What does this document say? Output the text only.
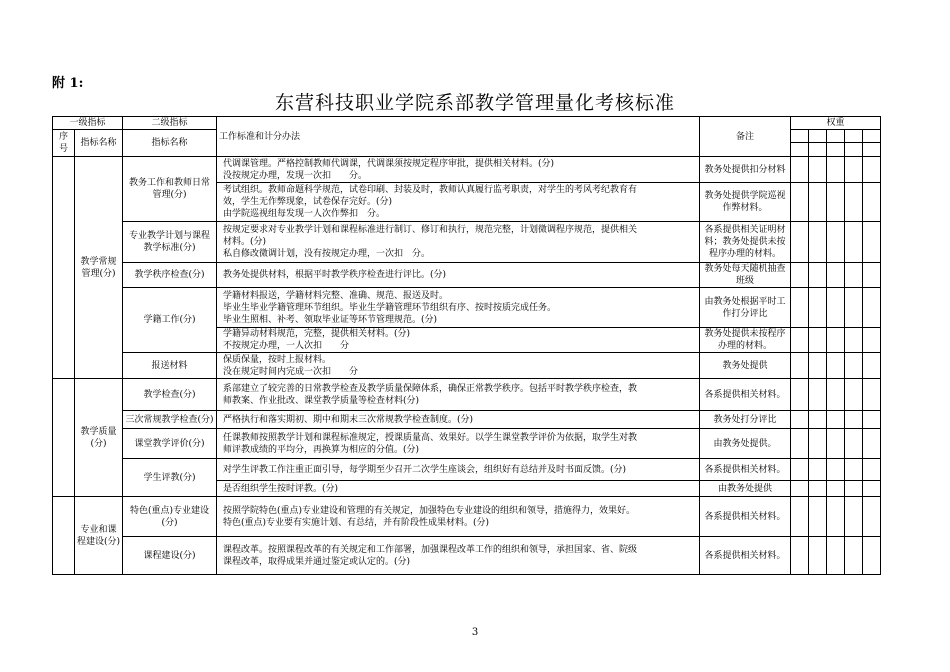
附 1:
东营科技职业学院系部教学管理量化考核标准
一级指标		二级指标	工作标准和计分办法	备注	权重				
序号	指标名称	指标名称							

	教学常规管理(分)	教务工作和教师日常管理(分)	代调课管理。严格控制教师代调课，代调课须按规定程序审批，提供相关材料。(分)
没按规定办理，发现一次扣　　分。	教务处提供扣分材料					

			考试组织。教师命题科学规范，试卷印刷、封装及时，教师认真履行监考职责，对学生的考风考纪教育有
效，学生无作弊现象，试卷保存完好。(分)
由学院巡视组每发现一人次作弊扣　分。	教务处提供学院巡视作弊材料。					
		专业教学计划与课程教学标准(分)	按规定要求对专业教学计划和课程标准进行制订、修订和执行，规范完整，计划微调程序规范，提供相关
材料。(分)
私自修改微调计划，没有按规定办理，一次扣　分。	各系提供相关证明材料；教务处提供未按程序办理的材料。					
		教学秩序检查(分)	教务处提供材料，根据平时教学秩序检查进行评比。(分)	教务处每天随机抽查班级					
		学籍工作(分)	学籍材料报送，学籍材料完整、准确、规范、报送及时。
毕业生毕业学籍管理环节组织。毕业生学籍管理环节组织有序、按时按质完成任务。
毕业生照相、补考、领取毕业证等环节管理规范。(分)	由教务处根据平时工作打分评比					

			学籍异动材料规范，完整，提供相关材料。(分)
不按规定办理，一人次扣　　分	教务处提供未按程序办理的材料。					
		报送材料	保质保量，按时上报材料。
没在规定时间内完成一次扣　　分	教务处提供					
	教学质量(分)	教学检查(分)	系部建立了较完善的日常教学检查及教学质量保障体系，确保正常教学秩序。包括平时教学秩序检查，教
师教案、作业批改、课堂教学质量等检查材料(分)	各系提供相关材料。					
		三次常规教学检查(分)	严格执行和落实期初、期中和期末三次常规教学检查制度。(分)	教务处打分评比					
		课堂教学评价(分)	任课教师按照教学计划和课程标准规定，授课质量高、效果好。以学生课堂教学评价为依据，取学生对教
师评教成绩的平均分，再换算为相应的分值。(分)	由教务处提供。					
		学生评教(分)	对学生评教工作注重正面引导，每学期至少召开二次学生座谈会，组织好有总结并及时书面反馈。(分)	各系提供相关材料。					

			是否组织学生按时评教。(分)	由教务处提供					
	专业和课程建设(分)	特色(重点)专业建设(分)	按照学院特色(重点)专业建设和管理的有关规定，加强特色专业建设的组织和领导，措施得力，效果好。
特色(重点)专业要有实施计划、有总结，并有阶段性成果材料。(分)	各系提供相关材料。					
		课程建设(分)	课程改革。按照课程改革的有关规定和工作部署，加强课程改革工作的组织和领导，承担国家、省、院级
课程改革，取得成果并通过鉴定或认定的。(分)	各系提供相关材料。					
3
